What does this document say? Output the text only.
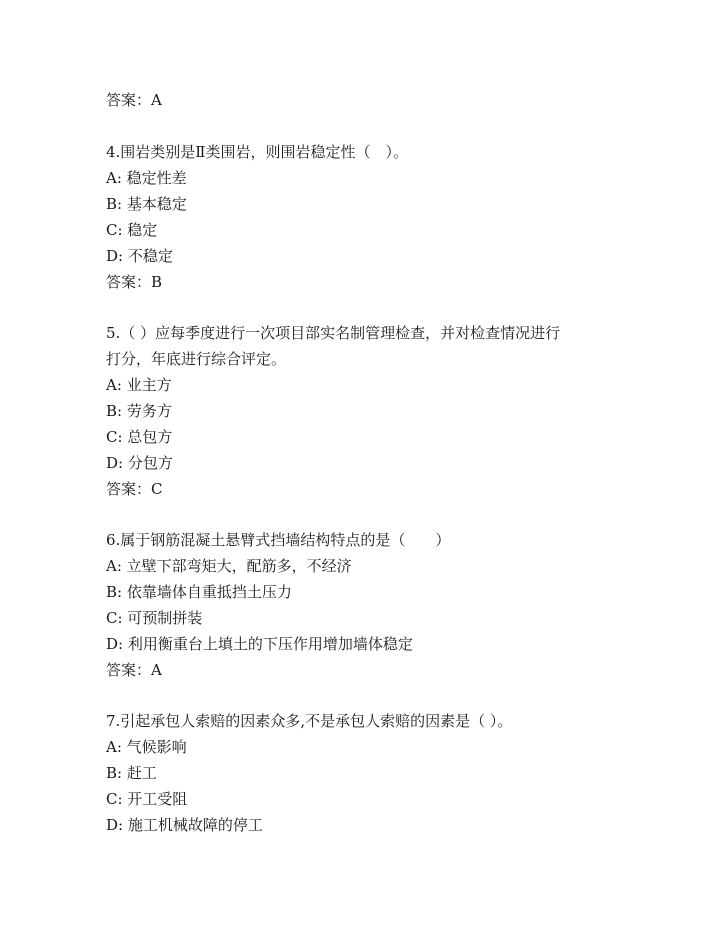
答案：A
4.围岩类别是Ⅱ类围岩，则围岩稳定性（　）。
A: 稳定性差
B: 基本稳定
C: 稳定
D: 不稳定
答案：B
5.（ ）应每季度进行一次项目部实名制管理检查，并对检查情况进行
打分，年底进行综合评定。
A: 业主方
B: 劳务方
C: 总包方
D: 分包方
答案：C
6.属于钢筋混凝土悬臂式挡墙结构特点的是（　　）
A: 立壁下部弯矩大，配筋多，不经济
B: 依靠墙体自重抵挡土压力
C: 可预制拼装
D: 利用衡重台上填土的下压作用增加墙体稳定
答案：A
7.引起承包人索赔的因素众多,不是承包人索赔的因素是（ ）。
A: 气候影响
B: 赶工
C: 开工受阻
D: 施工机械故障的停工
